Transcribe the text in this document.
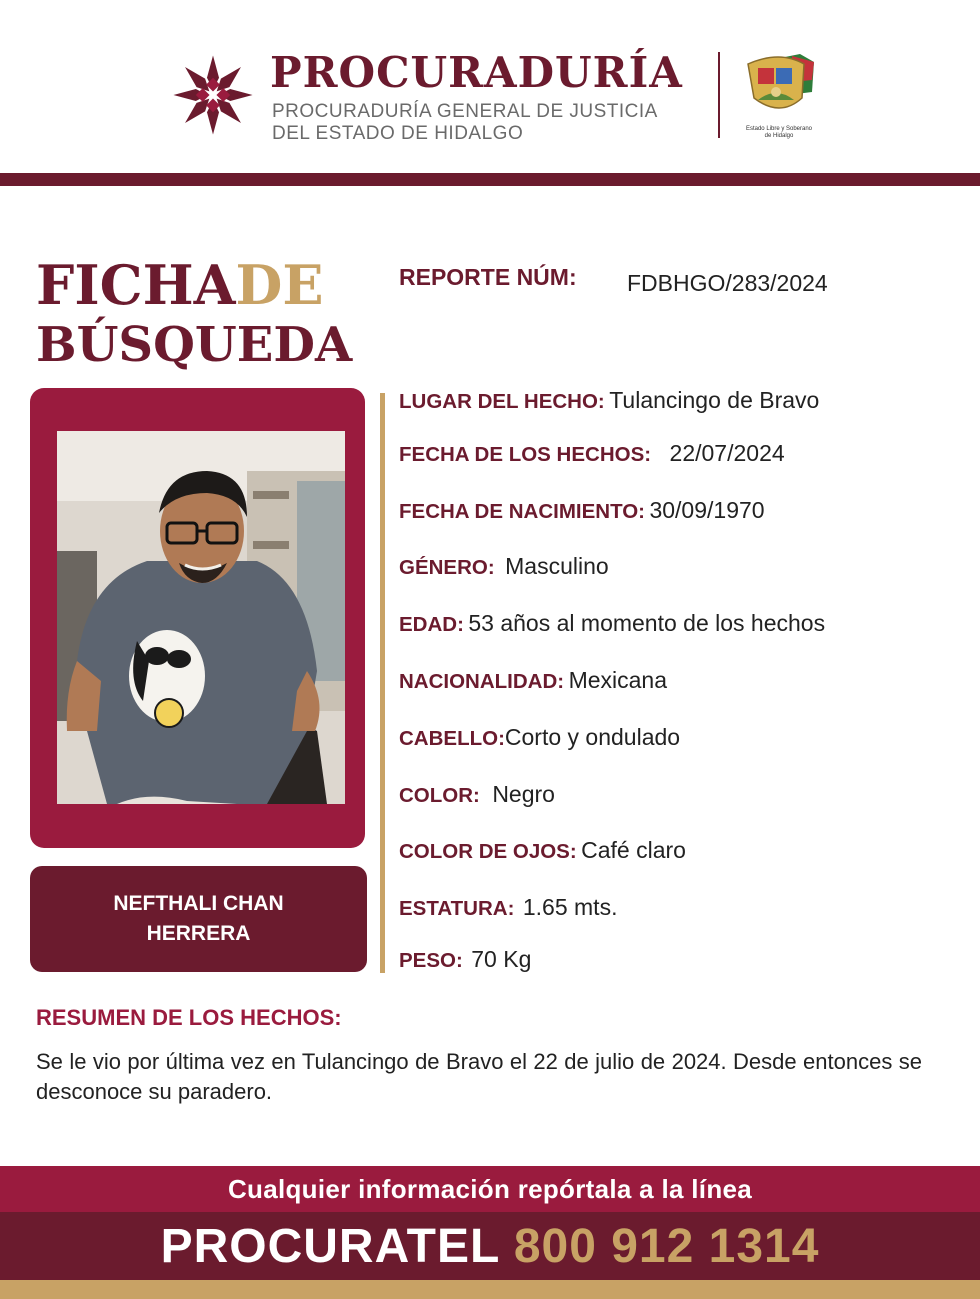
PROCURADURÍA
PROCURADURÍA GENERAL DE JUSTICIA
DEL ESTADO DE HIDALGO	Estado Libre y Soberano
de Hidalgo
FICHADE
BÚSQUEDA
REPORTE NÚM: FDBHGO/283/2024
NEFTHALI CHAN HERRERA
LUGAR DEL HECHO: Tulancingo de Bravo
FECHA DE LOS HECHOS: 22/07/2024
FECHA DE NACIMIENTO: 30/09/1970
GÉNERO: Masculino
EDAD: 53 años al momento de los hechos
NACIONALIDAD: Mexicana
CABELLO:Corto y ondulado
COLOR: Negro
COLOR DE OJOS: Café claro
ESTATURA: 1.65 mts.
PESO: 70 Kg
RESUMEN DE LOS HECHOS:
Se le vio por última vez en Tulancingo de Bravo el 22 de julio de 2024. Desde entonces se desconoce su paradero.
Cualquier información repórtala a la línea
PROCURATEL 800 912 1314
